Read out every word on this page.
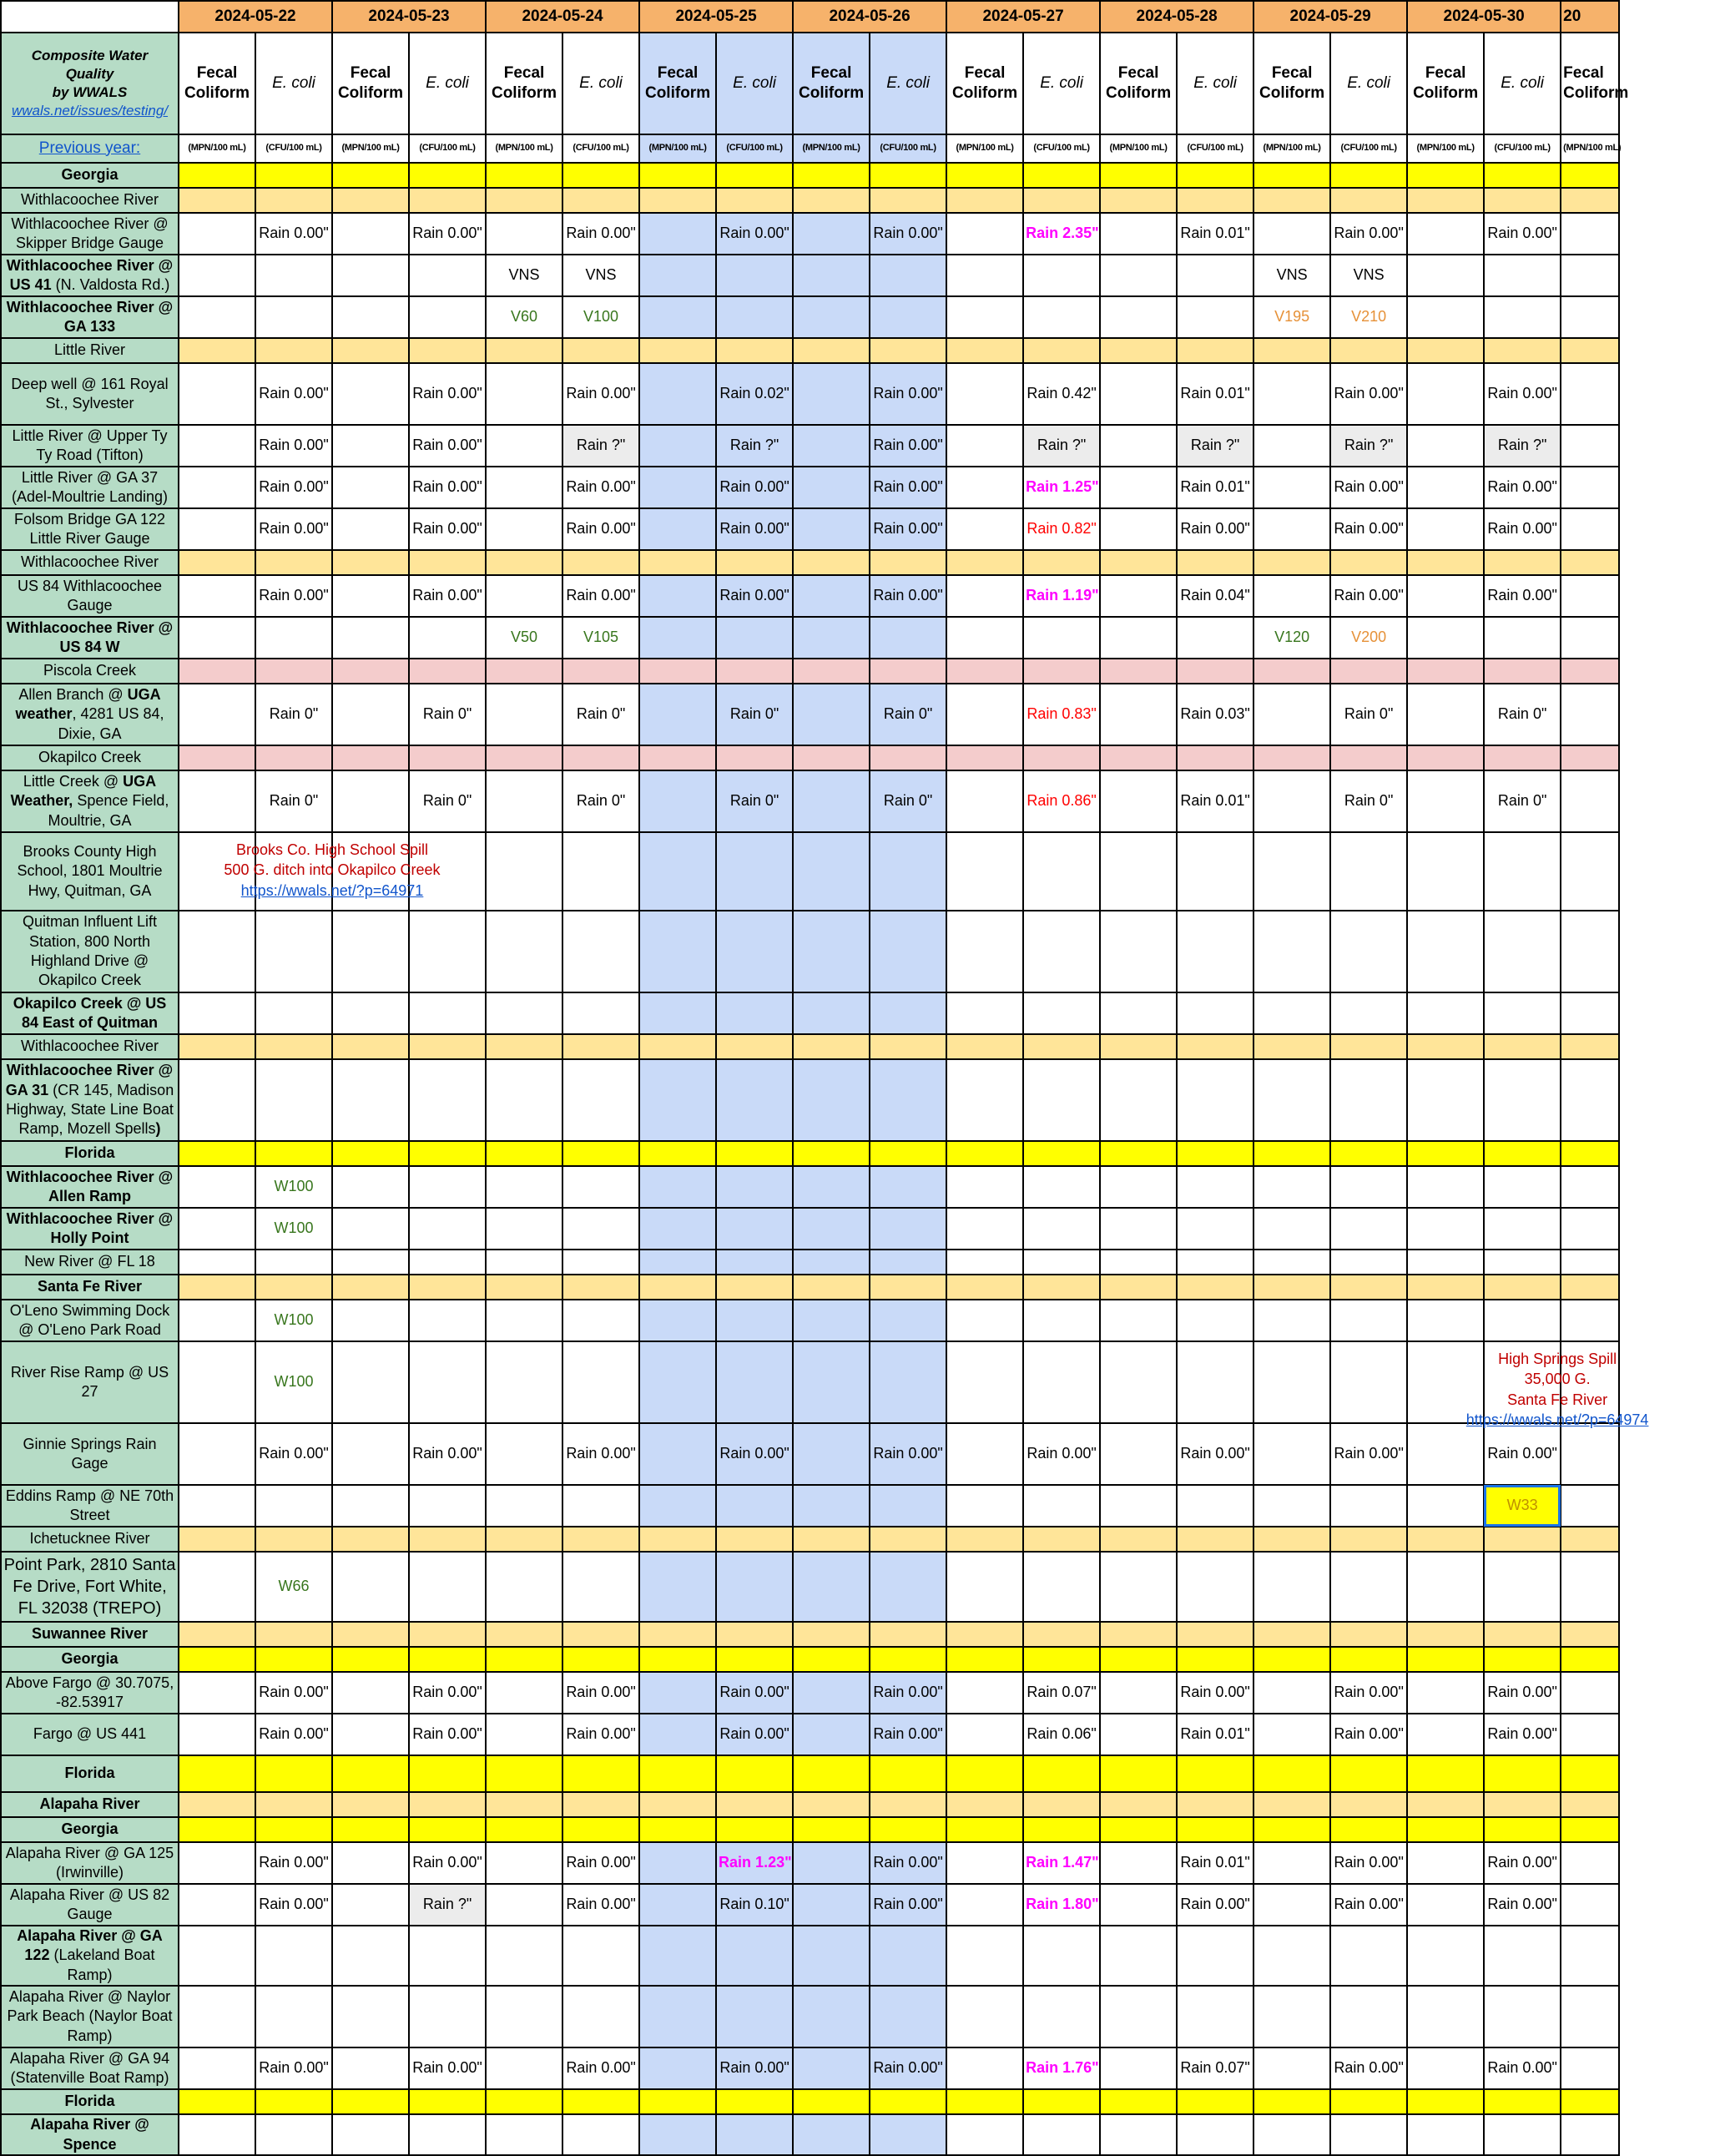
	2024-05-22		2024-05-23		2024-05-24		2024-05-25		2024-05-26		2024-05-27		2024-05-28		2024-05-29		2024-05-30		20
Composite Water
Quality
by WWALS
wwals.net/issues/testing/	Fecal Coliform	E. coli	Fecal Coliform	E. coli	Fecal Coliform	E. coli	Fecal Coliform	E. coli	Fecal Coliform	E. coli	Fecal Coliform	E. coli	Fecal Coliform	E. coli	Fecal Coliform	E. coli	Fecal Coliform	E. coli	Fecal Coliform
Previous year:	(MPN/100 mL)	(CFU/100 mL)	(MPN/100 mL)	(CFU/100 mL)	(MPN/100 mL)	(CFU/100 mL)	(MPN/100 mL)	(CFU/100 mL)	(MPN/100 mL)	(CFU/100 mL)	(MPN/100 mL)	(CFU/100 mL)	(MPN/100 mL)	(CFU/100 mL)	(MPN/100 mL)	(CFU/100 mL)	(MPN/100 mL)	(CFU/100 mL)	(MPN/100 mL)
Georgia																			
Withlacoochee River																			
Withlacoochee River @ Skipper Bridge Gauge		Rain 0.00"		Rain 0.00"		Rain 0.00"		Rain 0.00"		Rain 0.00"		Rain 2.35"		Rain 0.01"		Rain 0.00"		Rain 0.00"	
Withlacoochee River @ US 41 (N. Valdosta Rd.)					VNS	VNS									VNS	VNS			
Withlacoochee River @ GA 133					V60	V100									V195	V210			
Little River																			
Deep well @ 161 Royal St., Sylvester		Rain 0.00"		Rain 0.00"		Rain 0.00"		Rain 0.02"		Rain 0.00"		Rain 0.42"		Rain 0.01"		Rain 0.00"		Rain 0.00"	
Little River @ Upper Ty Ty Road (Tifton)		Rain 0.00"		Rain 0.00"		Rain ?"		Rain ?"		Rain 0.00"		Rain ?"		Rain ?"		Rain ?"		Rain ?"	
Little River @ GA 37 (Adel-Moultrie Landing)		Rain 0.00"		Rain 0.00"		Rain 0.00"		Rain 0.00"		Rain 0.00"		Rain 1.25"		Rain 0.01"		Rain 0.00"		Rain 0.00"	
Folsom Bridge GA 122 Little River Gauge		Rain 0.00"		Rain 0.00"		Rain 0.00"		Rain 0.00"		Rain 0.00"		Rain 0.82"		Rain 0.00"		Rain 0.00"		Rain 0.00"	
Withlacoochee River																			
US 84 Withlacoochee Gauge		Rain 0.00"		Rain 0.00"		Rain 0.00"		Rain 0.00"		Rain 0.00"		Rain 1.19"		Rain 0.04"		Rain 0.00"		Rain 0.00"	
Withlacoochee River @ US 84 W					V50	V105									V120	V200			
Piscola Creek																			
Allen Branch @ UGA weather, 4281 US 84, Dixie, GA		Rain 0"		Rain 0"		Rain 0"		Rain 0"		Rain 0"		Rain 0.83"		Rain 0.03"		Rain 0"		Rain 0"	
Okapilco Creek																			
Little Creek @ UGA Weather, Spence Field, Moultrie, GA		Rain 0"		Rain 0"		Rain 0"		Rain 0"		Rain 0"		Rain 0.86"		Rain 0.01"		Rain 0"		Rain 0"	
Brooks County High School, 1801 Moultrie Hwy, Quitman, GA	Brooks Co. High School Spill
500 G. ditch into Okapilco Creek
https://wwals.net/?p=64971																		

Quitman Influent Lift Station, 800 North Highland Drive @ Okapilco Creek																			
Okapilco Creek @ US 84 East of Quitman																			
Withlacoochee River																			
Withlacoochee River @ GA 31 (CR 145, Madison Highway, State Line Boat Ramp, Mozell Spells)																			
Florida																			
Withlacoochee River @ Allen Ramp		W100																	
Withlacoochee River @ Holly Point		W100																	
New River @ FL 18																			
Santa Fe River																			
O'Leno Swimming Dock @ O'Leno Park Road		W100																	
River Rise Ramp @ US 27		W100																High Springs Spill
35,000 G.
Santa Fe River
https://wwals.net/?p=64974	

Ginnie Springs Rain Gage		Rain 0.00"		Rain 0.00"		Rain 0.00"		Rain 0.00"		Rain 0.00"		Rain 0.00"		Rain 0.00"		Rain 0.00"		Rain 0.00"	
Eddins Ramp @ NE 70th Street																		W33	
Ichetucknee River																			
Point Park, 2810 Santa Fe Drive, Fort White, FL 32038 (TREPO)		W66																	
Suwannee River																			
Georgia																			
Above Fargo @ 30.7075, -82.53917		Rain 0.00"		Rain 0.00"		Rain 0.00"		Rain 0.00"		Rain 0.00"		Rain 0.07"		Rain 0.00"		Rain 0.00"		Rain 0.00"	
Fargo @ US 441		Rain 0.00"		Rain 0.00"		Rain 0.00"		Rain 0.00"		Rain 0.00"		Rain 0.06"		Rain 0.01"		Rain 0.00"		Rain 0.00"	
Florida																			
Alapaha River																			
Georgia																			
Alapaha River @ GA 125 (Irwinville)		Rain 0.00"		Rain 0.00"		Rain 0.00"		Rain 1.23"		Rain 0.00"		Rain 1.47"		Rain 0.01"		Rain 0.00"		Rain 0.00"	
Alapaha River @ US 82 Gauge		Rain 0.00"		Rain ?"		Rain 0.00"		Rain 0.10"		Rain 0.00"		Rain 1.80"		Rain 0.00"		Rain 0.00"		Rain 0.00"	
Alapaha River @ GA 122 (Lakeland Boat Ramp)																			
Alapaha River @ Naylor Park Beach (Naylor Boat Ramp)																			
Alapaha River @ GA 94 (Statenville Boat Ramp)		Rain 0.00"		Rain 0.00"		Rain 0.00"		Rain 0.00"		Rain 0.00"		Rain 1.76"		Rain 0.07"		Rain 0.00"		Rain 0.00"	
Florida																			
Alapaha River @ Spence																			
